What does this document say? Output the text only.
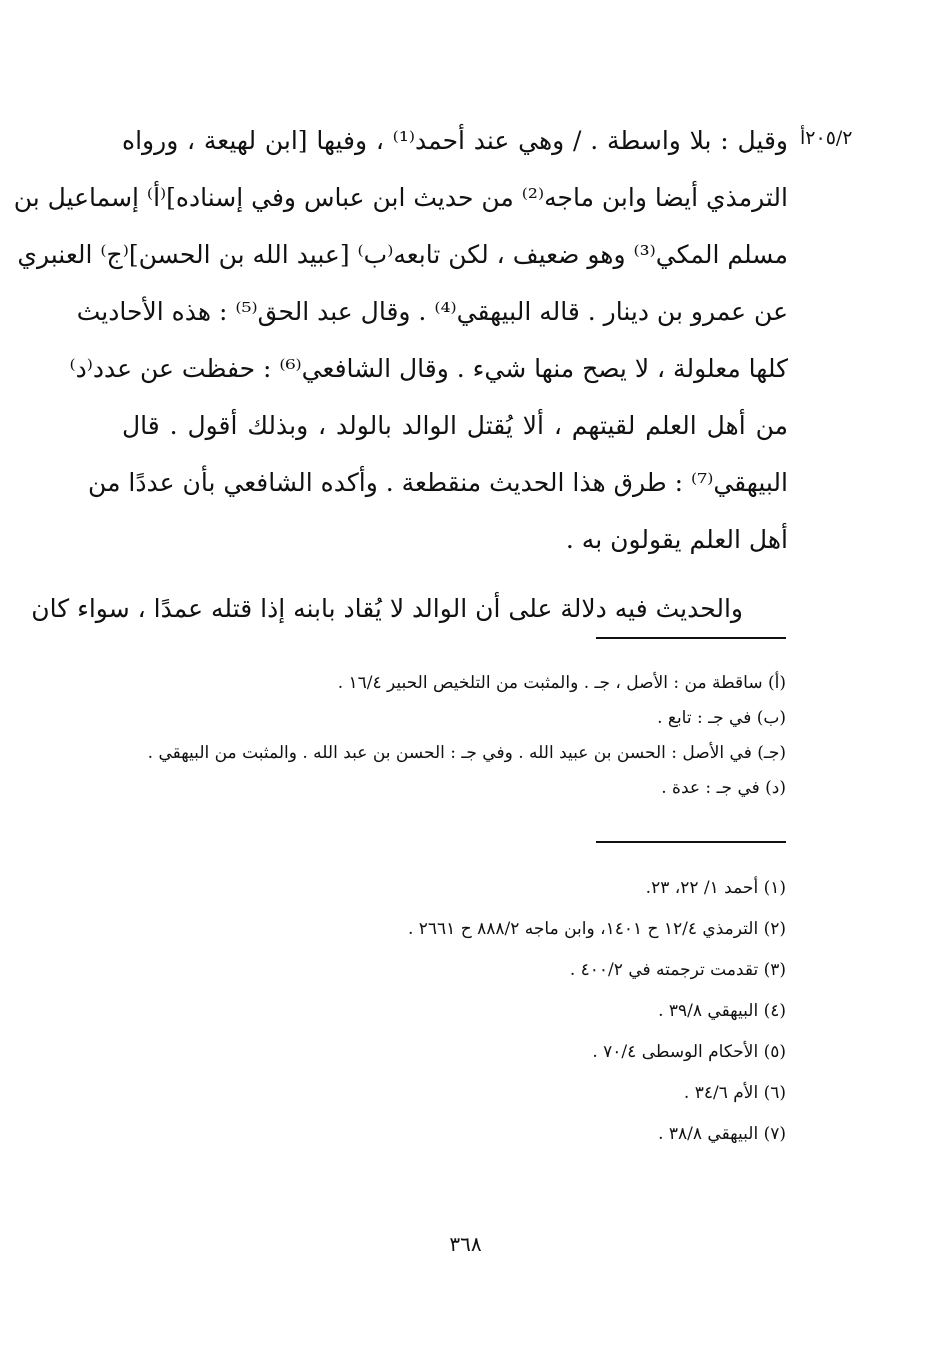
٢٠٥/٢أ
وقيل : بلا واسطة . / وهي عند أحمد⁽¹⁾ ، وفيها [ابن لهيعة ، ورواه
الترمذي أيضا وابن ماجه⁽²⁾ من حديث ابن عباس وفي إسناده]⁽أ⁾ إسماعيل بن
مسلم المكي⁽³⁾ وهو ضعيف ، لكن تابعه⁽ب⁾ [عبيد الله بن الحسن]⁽ج⁾ العنبري
عن عمرو بن دينار . قاله البيهقي⁽⁴⁾ . وقال عبد الحق⁽⁵⁾ : هذه الأحاديث
كلها معلولة ، لا يصح منها شيء . وقال الشافعي⁽⁶⁾ : حفظت عن عدد⁽د⁾
من أهل العلم لقيتهم ، ألا يُقتل الوالد بالولد ، وبذلك أقول . قال
البيهقي⁽⁷⁾ : طرق هذا الحديث منقطعة . وأكده الشافعي بأن عددًا من
أهل العلم يقولون به .
والحديث فيه دلالة على أن الوالد لا يُقاد بابنه إذا قتله عمدًا ، سواء كان
(أ) ساقطة من : الأصل ، جـ . والمثبت من التلخيص الحبير ١٦/٤ .
(ب) في جـ : تابع .
(جـ) في الأصل : الحسن بن عبيد الله . وفي جـ : الحسن بن عبد الله . والمثبت من البيهقي .
(د) في جـ : عدة .
(١) أحمد ١/ ٢٢، ٢٣.
(٢) الترمذي ١٢/٤ ح ١٤٠١، وابن ماجه ٨٨٨/٢ ح ٢٦٦١ .
(٣) تقدمت ترجمته في ٤٠٠/٢ .
(٤) البيهقي ٣٩/٨ .
(٥) الأحكام الوسطى ٧٠/٤ .
(٦) الأم ٣٤/٦ .
(٧) البيهقي ٣٨/٨ .
٣٦٨
